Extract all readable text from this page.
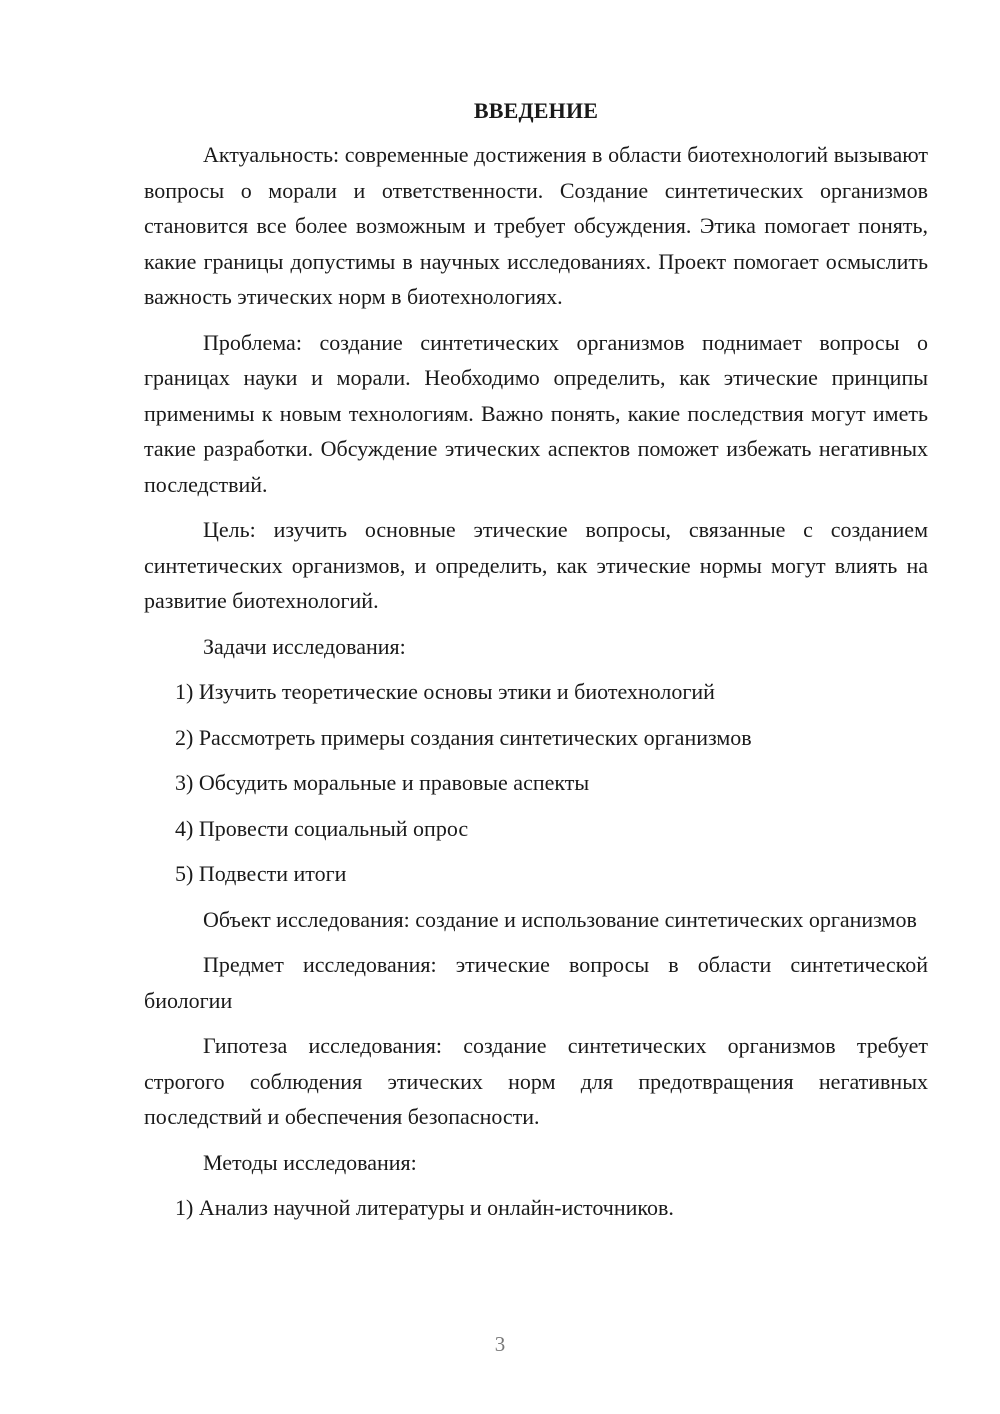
ВВЕДЕНИЕ

Актуальность: современные достижения в области биотехнологий вызывают вопросы о морали и ответственности. Создание синтетических организмов становится все более возможным и требует обсуждения. Этика помогает понять, какие границы допустимы в научных исследованиях. Проект помогает осмыслить важность этических норм в биотехнологиях.

Проблема: создание синтетических организмов поднимает вопросы о границах науки и морали. Необходимо определить, как этические принципы применимы к новым технологиям. Важно понять, какие последствия могут иметь такие разработки. Обсуждение этических аспектов поможет избежать негативных последствий.

Цель: изучить основные этические вопросы, связанные с созданием синтетических организмов, и определить, как этические нормы могут влиять на развитие биотехнологий.

Задачи исследования:

1) Изучить теоретические основы этики и биотехнологий

2) Рассмотреть примеры создания синтетических организмов

3) Обсудить моральные и правовые аспекты

4) Провести социальный опрос

5) Подвести итоги

Объект исследования: создание и использование синтетических организмов

Предмет исследования: этические вопросы в области синтетической биологии

Гипотеза исследования: создание синтетических организмов требует строгого соблюдения этических норм для предотвращения негативных последствий и обеспечения безопасности.

Методы исследования:

1) Анализ научной литературы и онлайн-источников.

3
